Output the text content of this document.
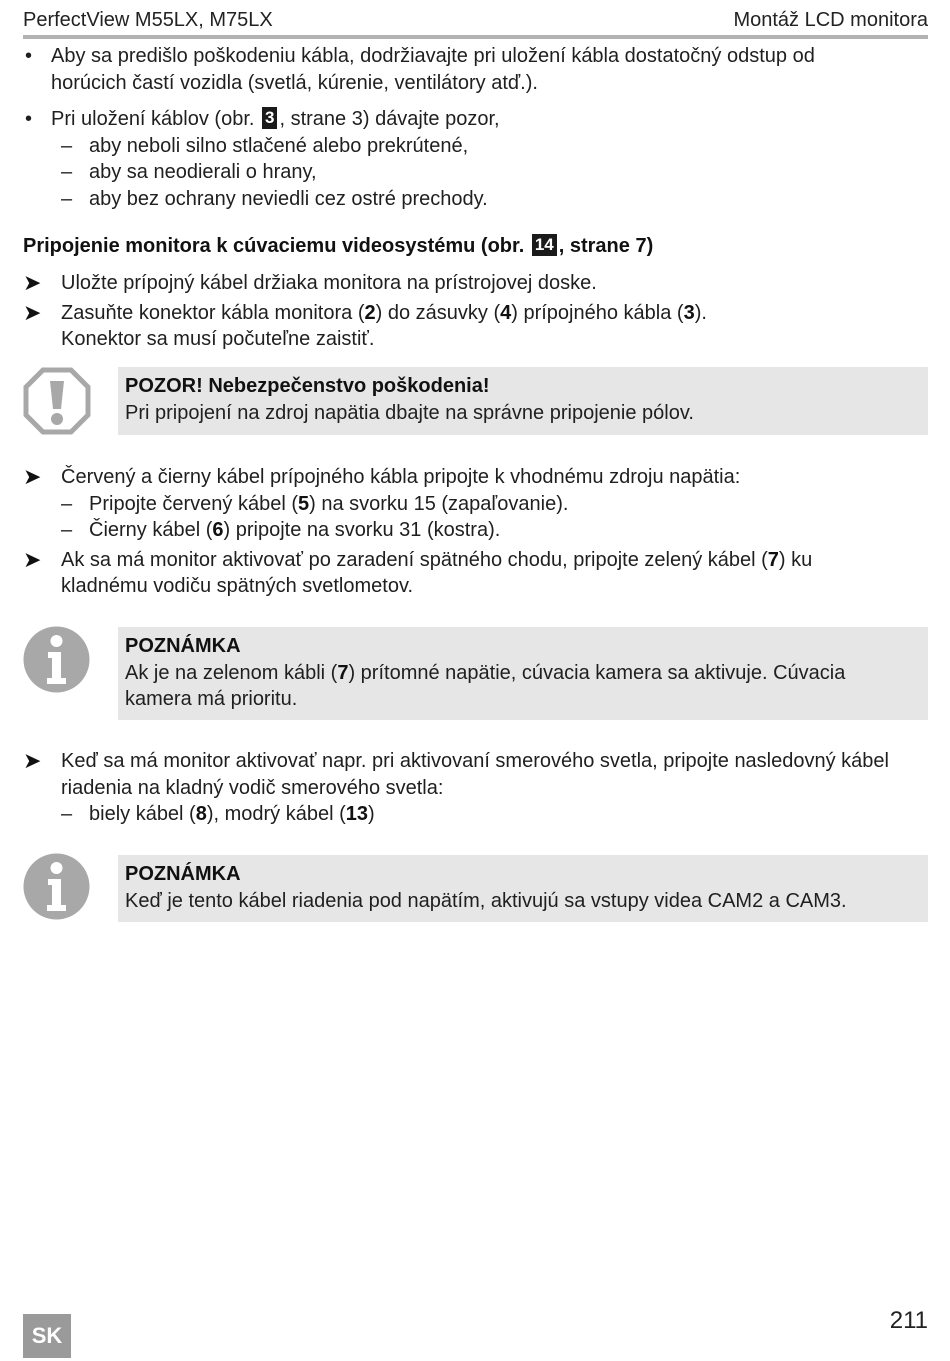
PerfectView M55LX, M75LX	Montáž LCD monitora
• Aby sa predišlo poškodeniu kábla, dodržiavajte pri uložení kábla dostatočný odstup od
horúcich častí vozidla (svetlá, kúrenie, ventilátory atď.).
• Pri uložení káblov (obr. 3 , strane 3) dávajte pozor,
– aby neboli silno stlačené alebo prekrútené,
– aby sa neodierali o hrany,
– aby bez ochrany neviedli cez ostré prechody.
Pripojenie monitora k cúvaciemu videosystému (obr. 14 , strane 7)
➤ Uložte prípojný kábel držiaka monitora na prístrojovej doske.
➤ Zasuňte konektor kábla monitora (2) do zásuvky (4) prípojného kábla (3).
Konektor sa musí počuteľne zaistiť.
POZOR! Nebezpečenstvo poškodenia!
Pri pripojení na zdroj napätia dbajte na správne pripojenie pólov.
➤ Červený a čierny kábel prípojného kábla pripojte k vhodnému zdroju napätia:
– Pripojte červený kábel (5) na svorku 15 (zapaľovanie).
– Čierny kábel (6) pripojte na svorku 31 (kostra).
➤ Ak sa má monitor aktivovať po zaradení spätného chodu, pripojte zelený kábel (7) ku
kladnému vodiču spätných svetlometov.
POZNÁMKA
Ak je na zelenom kábli (7) prítomné napätie, cúvacia kamera sa aktivuje. Cúvacia
kamera má prioritu.
➤ Keď sa má monitor aktivovať napr. pri aktivovaní smerového svetla, pripojte nasledovný kábel
riadenia na kladný vodič smerového svetla:
– biely kábel (8), modrý kábel (13)
POZNÁMKA
Keď je tento kábel riadenia pod napätím, aktivujú sa vstupy videa CAM2 a CAM3.
SK
211
